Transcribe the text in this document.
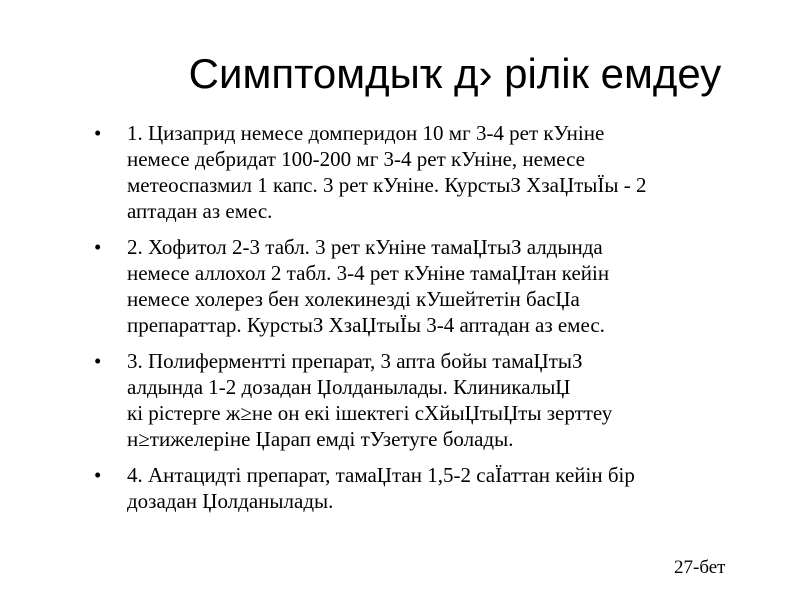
Симптомдыҡ д› рілік емдеу
• 1. Цизаприд немесе домперидон 10 мг 3-4 рет кУніне
немесе дебридат 100-200 мг 3-4 рет кУніне, немесе
метеоспазмил 1 капс. 3 рет кУніне. КурстыЗ ХзаЏтыЇы - 2
аптадан аз емес.
• 2. Хофитол 2-3 табл. 3 рет кУніне тамаЏтыЗ алдында
немесе аллохол 2 табл. 3-4 рет кУніне тамаЏтан кейін
немесе холерез бен холекинезді кУшейтетін басЏа
препараттар. КурстыЗ ХзаЏтыЇы 3-4 аптадан аз емес.
• 3. Полиферментті препарат, 3 апта бойы тамаЏтыЗ
алдында 1-2 дозадан Џолданылады. КлиникалыЏ
кі рістерге ж≥не он екі ішектегі сХйыЏтыЏты зерттеу
н≥тижелеріне Џарап емді тУзетуге болады.
• 4. Антацидті препарат, тамаЏтан 1,5-2 саЇаттан кейін бір
дозадан Џолданылады.
27-бет
